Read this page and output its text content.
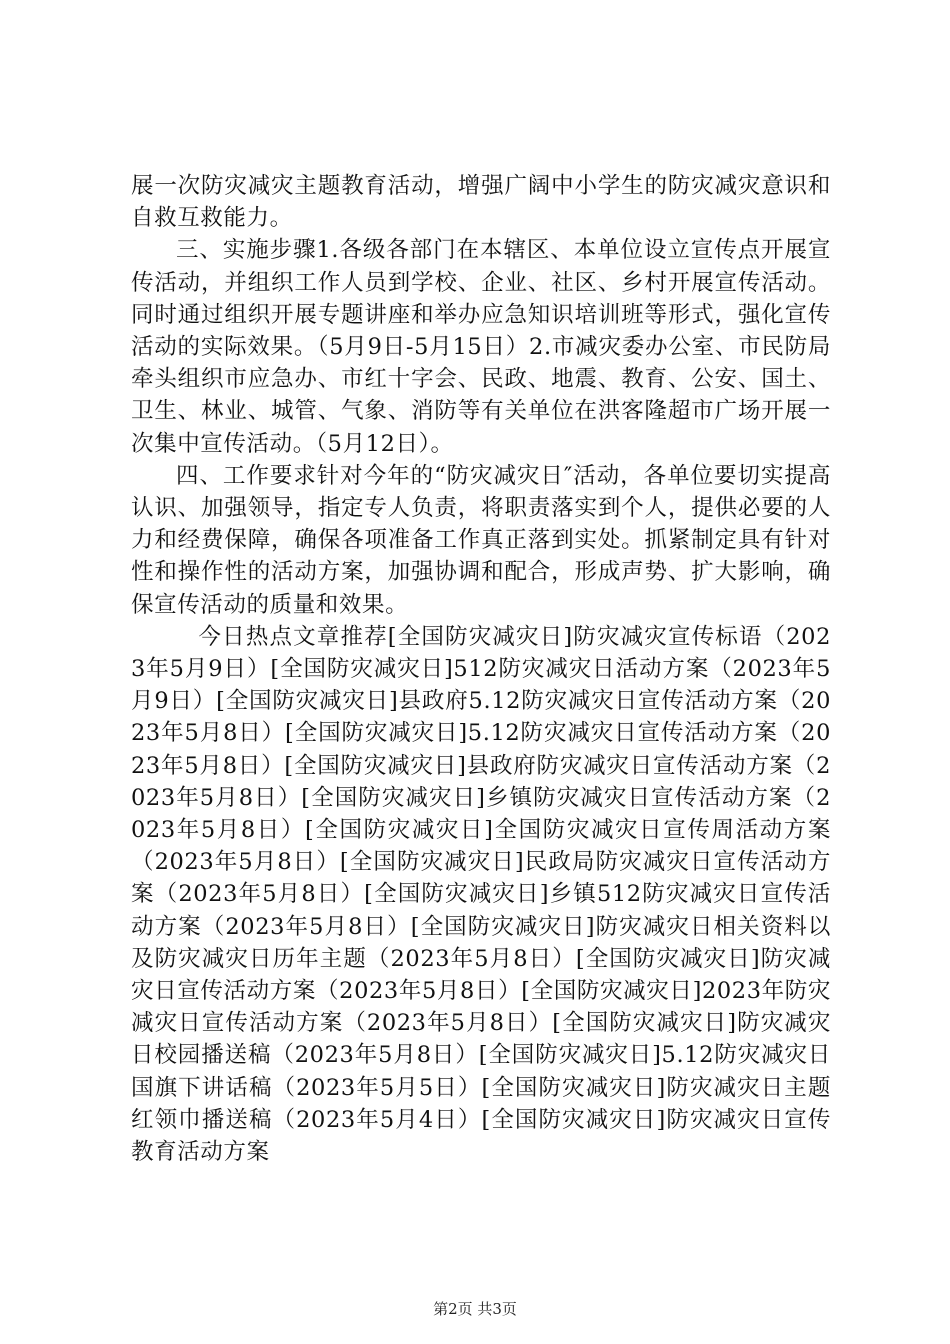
展一次防灾减灾主题教育活动，增强广阔中小学生的防灾减灾意识和自救互救能力。

三、实施步骤1.各级各部门在本辖区、本单位设立宣传点开展宣传活动，并组织工作人员到学校、企业、社区、乡村开展宣传活动。同时通过组织开展专题讲座和举办应急知识培训班等形式，强化宣传活动的实际效果。（5月9日-5月15日）2.市减灾委办公室、市民防局牵头组织市应急办、市红十字会、民政、地震、教育、公安、国土、卫生、林业、城管、气象、消防等有关单位在洪客隆超市广场开展一次集中宣传活动。（5月12日）。

四、工作要求针对今年的“防灾减灾日″活动，各单位要切实提高认识、加强领导，指定专人负责，将职责落实到个人，提供必要的人力和经费保障，确保各项准备工作真正落到实处。抓紧制定具有针对性和操作性的活动方案，加强协调和配合，形成声势、扩大影响，确保宣传活动的质量和效果。

今日热点文章推荐[全国防灾减灾日]防灾减灾宣传标语（2023年5月9日）[全国防灾减灾日]512防灾减灾日活动方案（2023年5月9日）[全国防灾减灾日]县政府5.12防灾减灾日宣传活动方案（2023年5月8日）[全国防灾减灾日]5.12防灾减灾日宣传活动方案（2023年5月8日）[全国防灾减灾日]县政府防灾减灾日宣传活动方案（2023年5月8日）[全国防灾减灾日]乡镇防灾减灾日宣传活动方案（2023年5月8日）[全国防灾减灾日]全国防灾减灾日宣传周活动方案（2023年5月8日）[全国防灾减灾日]民政局防灾减灾日宣传活动方案（2023年5月8日）[全国防灾减灾日]乡镇512防灾减灾日宣传活动方案（2023年5月8日）[全国防灾减灾日]防灾减灾日相关资料以及防灾减灾日历年主题（2023年5月8日）[全国防灾减灾日]防灾减灾日宣传活动方案（2023年5月8日）[全国防灾减灾日]2023年防灾减灾日宣传活动方案（2023年5月8日）[全国防灾减灾日]防灾减灾日校园播送稿（2023年5月8日）[全国防灾减灾日]5.12防灾减灾日国旗下讲话稿（2023年5月5日）[全国防灾减灾日]防灾减灾日主题红领巾播送稿（2023年5月4日）[全国防灾减灾日]防灾减灾日宣传教育活动方案

第2页 共3页
